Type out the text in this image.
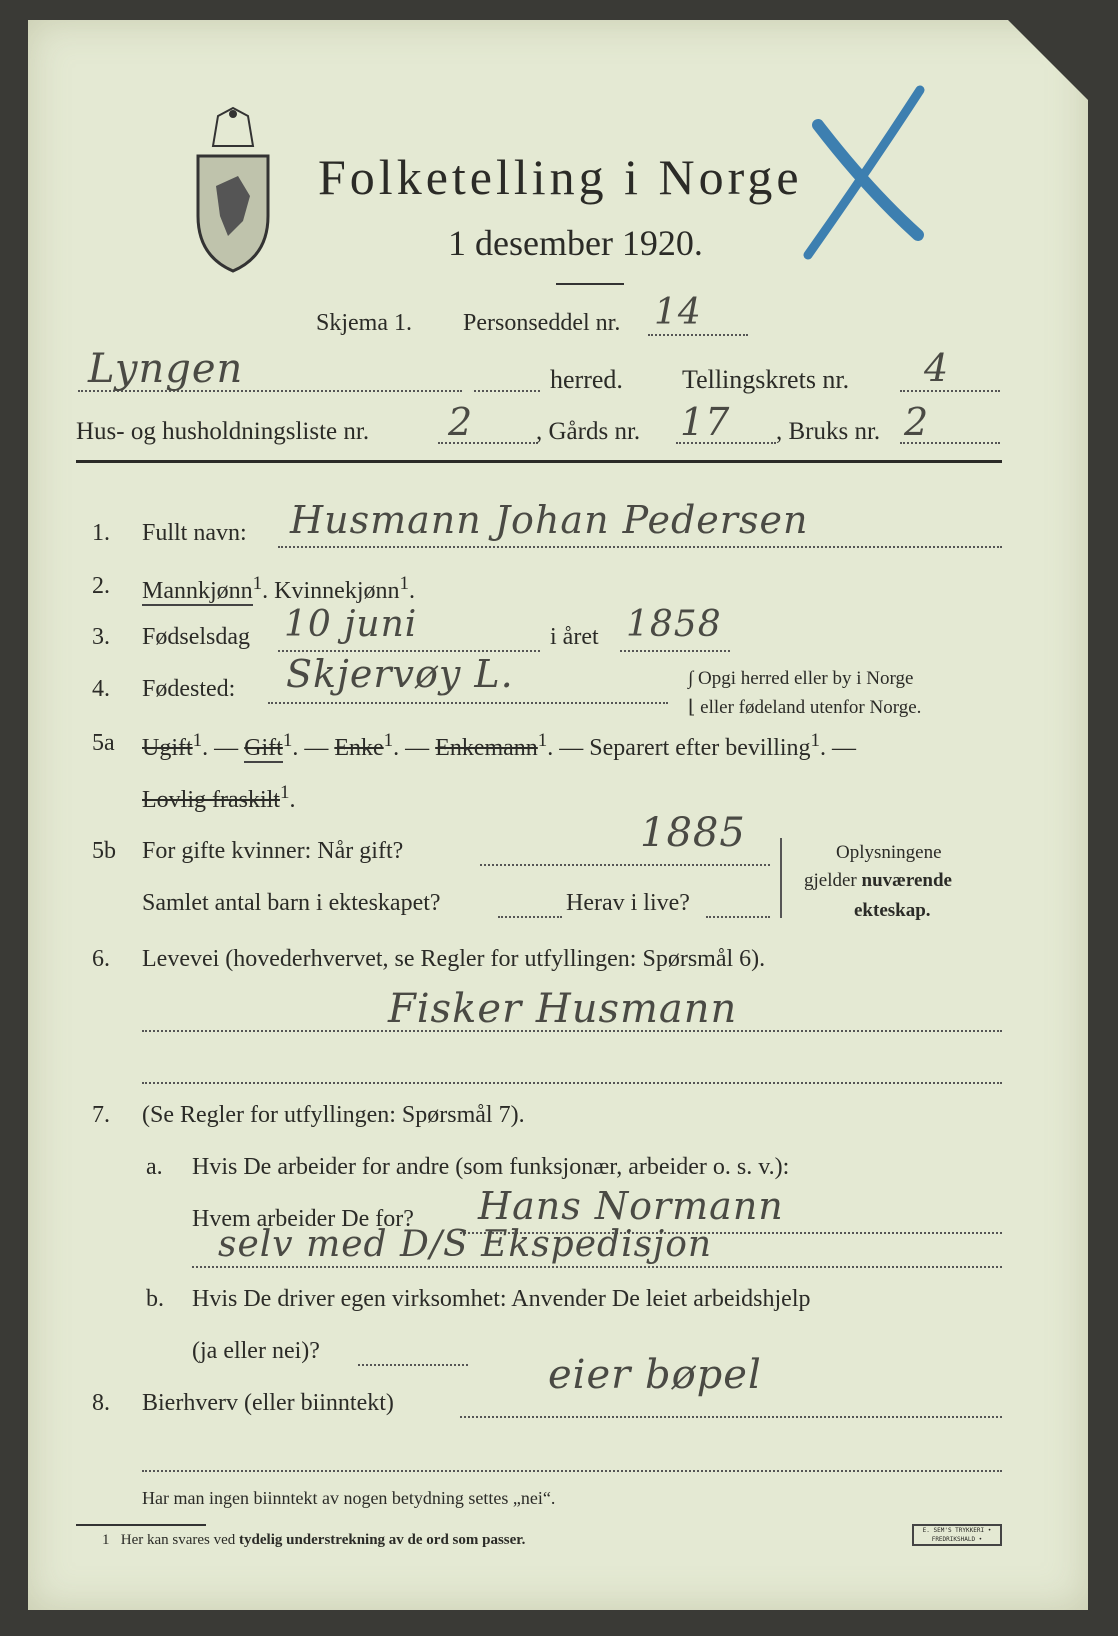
Folketelling i Norge
1 desember 1920.
Skjema 1. Personseddel nr. 14
Lyngen	herred. Tellingskrets nr. 4
Hus- og husholdningsliste nr. 2	, Gårds nr. 17 , Bruks nr. 2
1. Fullt navn: Husmann Johan Pedersen
2. Mannkjønn$^1$. Kvinnekjønn$^1$.
3. Fødselsdag 10 juni	i året 1858
4. Fødested: Skjervøy L.	∫ Opgi herred eller by i Norge
⌊ eller fødeland utenfor Norge.
5a Ugift$^1$. — Gift$^1$. — Enke$^1$. — Enkemann$^1$. — Separert efter bevilling$^1$. —
Lovlig fraskilt$^1$.
5b For gifte kvinner: Når gift?	1885
Samlet antal barn i ekteskapet?	Herav i live?
Oplysningene
gjelder nuværende
ekteskap.
6. Levevei (hovederhvervet, se Regler for utfyllingen: Spørsmål 6).
Fisker Husmann
7. (Se Regler for utfyllingen: Spørsmål 7).
a. Hvis De arbeider for andre (som funksjonær, arbeider o. s. v.):
Hvem arbeider De for? Hans Normann
selv med D/S Ekspedisjon
b. Hvis De driver egen virksomhet: Anvender De leiet arbeidshjelp
(ja eller nei)?
8. Bierhverv (eller biinntekt)
eier bøpel
Har man ingen biinntekt av nogen betydning settes „nei“.
1 Her kan svares ved tydelig understrekning av de ord som passer.
E. SEM'S TRYKKERI • FREDRIKSHALD •
